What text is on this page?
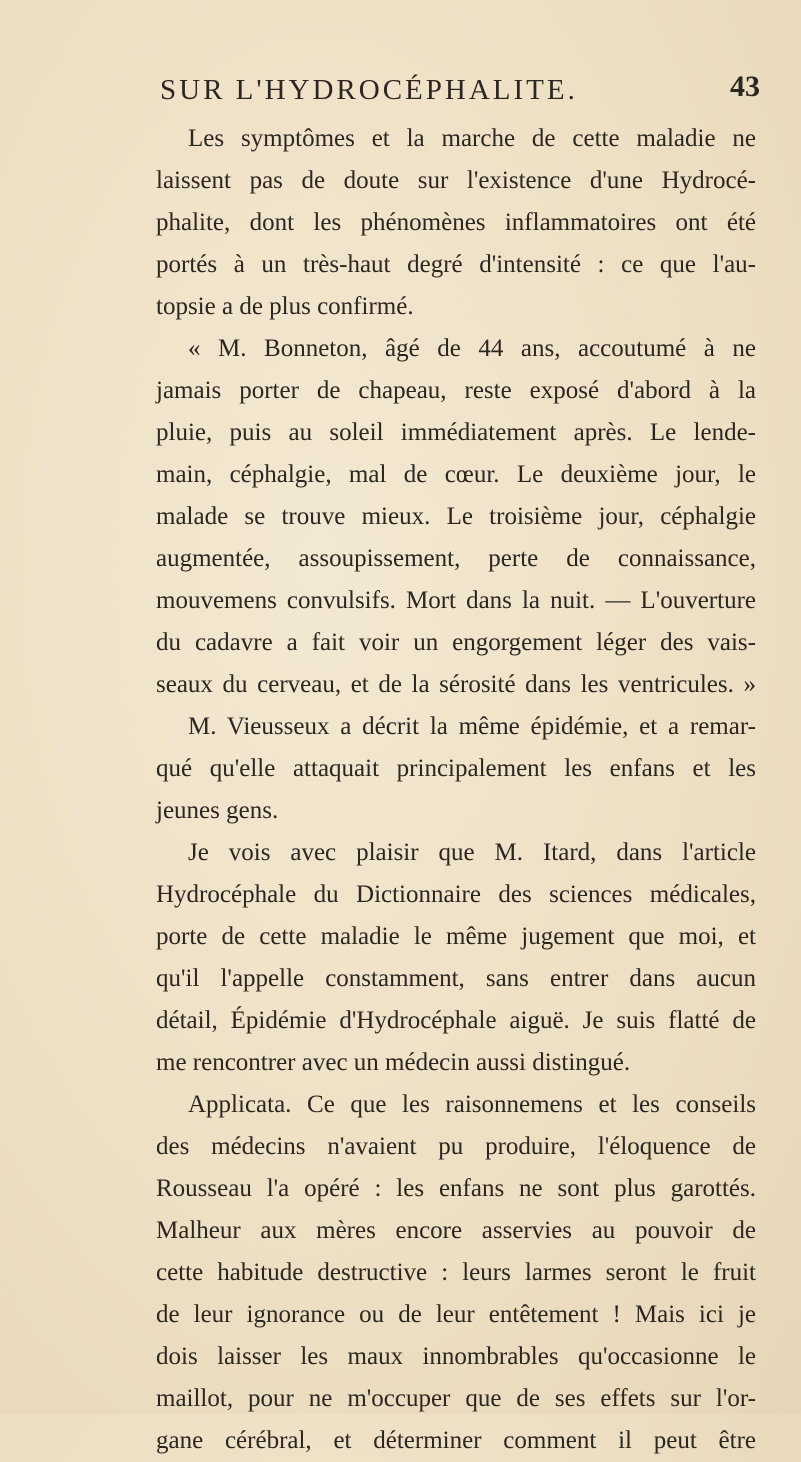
SUR L'HYDROCÉPHALITE.	43
Les symptômes et la marche de cette maladie ne
laissent pas de doute sur l'existence d'une Hydrocé-
phalite, dont les phénomènes inflammatoires ont été
portés à un très-haut degré d'intensité : ce que l'au-
topsie a de plus confirmé.
« M. Bonneton, âgé de 44 ans, accoutumé à ne
jamais porter de chapeau, reste exposé d'abord à la
pluie, puis au soleil immédiatement après. Le lende-
main, céphalgie, mal de cœur. Le deuxième jour, le
malade se trouve mieux. Le troisième jour, céphalgie
augmentée, assoupissement, perte de connaissance,
mouvemens convulsifs. Mort dans la nuit. — L'ouverture
du cadavre a fait voir un engorgement léger des vais-
seaux du cerveau, et de la sérosité dans les ventricules. »
M. Vieusseux a décrit la même épidémie, et a remar-
qué qu'elle attaquait principalement les enfans et les
jeunes gens.
Je vois avec plaisir que M. Itard, dans l'article
Hydrocéphale du Dictionnaire des sciences médicales,
porte de cette maladie le même jugement que moi, et
qu'il l'appelle constamment, sans entrer dans aucun
détail, Épidémie d'Hydrocéphale aiguë. Je suis flatté de
me rencontrer avec un médecin aussi distingué.
Applicata. Ce que les raisonnemens et les conseils
des médecins n'avaient pu produire, l'éloquence de
Rousseau l'a opéré : les enfans ne sont plus garottés.
Malheur aux mères encore asservies au pouvoir de
cette habitude destructive : leurs larmes seront le fruit
de leur ignorance ou de leur entêtement ! Mais ici je
dois laisser les maux innombrables qu'occasionne le
maillot, pour ne m'occuper que de ses effets sur l'or-
gane cérébral, et déterminer comment il peut être
